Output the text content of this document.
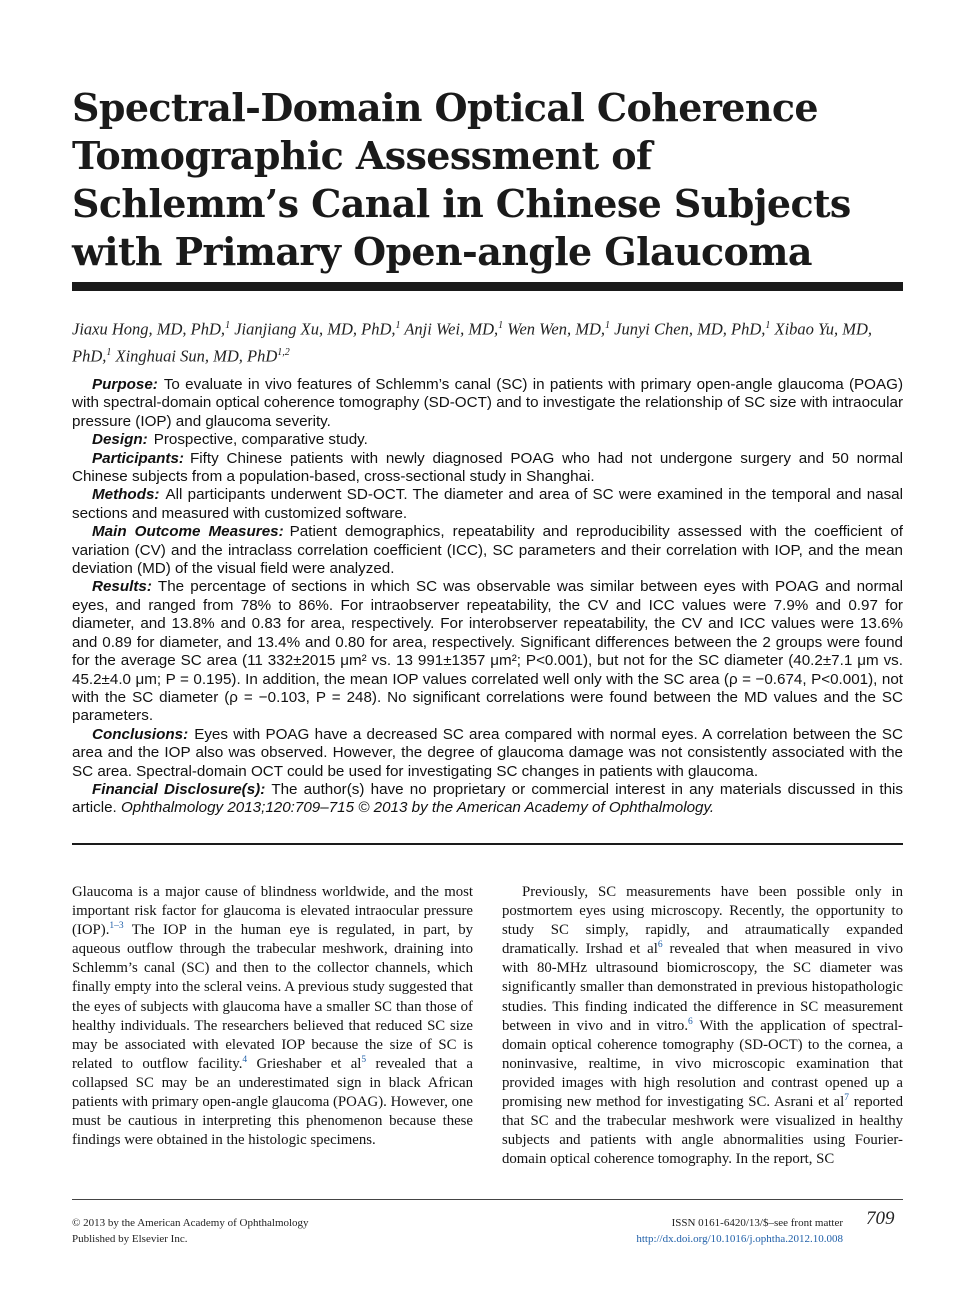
Spectral-Domain Optical Coherence Tomographic Assessment of Schlemm’s Canal in Chinese Subjects with Primary Open-angle Glaucoma

Jiaxu Hong, MD, PhD,$^1$ Jianjiang Xu, MD, PhD,$^1$ Anji Wei, MD,$^1$ Wen Wen, MD,$^1$ Junyi Chen, MD, PhD,$^1$ Xibao Yu, MD, PhD,$^1$ Xinghuai Sun, MD, PhD$^{1,2}$

Purpose: To evaluate in vivo features of Schlemm’s canal (SC) in patients with primary open-angle glaucoma (POAG) with spectral-domain optical coherence tomography (SD-OCT) and to investigate the relationship of SC size with intraocular pressure (IOP) and glaucoma severity.

Design: Prospective, comparative study.

Participants: Fifty Chinese patients with newly diagnosed POAG who had not undergone surgery and 50 normal Chinese subjects from a population-based, cross-sectional study in Shanghai.

Methods: All participants underwent SD-OCT. The diameter and area of SC were examined in the temporal and nasal sections and measured with customized software.

Main Outcome Measures: Patient demographics, repeatability and reproducibility assessed with the coefficient of variation (CV) and the intraclass correlation coefficient (ICC), SC parameters and their correlation with IOP, and the mean deviation (MD) of the visual field were analyzed.

Results: The percentage of sections in which SC was observable was similar between eyes with POAG and normal eyes, and ranged from 78% to 86%. For intraobserver repeatability, the CV and ICC values were 7.9% and 0.97 for diameter, and 13.8% and 0.83 for area, respectively. For interobserver repeatability, the CV and ICC values were 13.6% and 0.89 for diameter, and 13.4% and 0.80 for area, respectively. Significant differences between the 2 groups were found for the average SC area (11 332±2015 μm² vs. 13 991±1357 μm²; P<0.001), but not for the SC diameter (40.2±7.1 μm vs. 45.2±4.0 μm; P = 0.195). In addition, the mean IOP values correlated well only with the SC area (ρ = −0.674, P<0.001), not with the SC diameter (ρ = −0.103, P = 248). No significant correlations were found between the MD values and the SC parameters.

Conclusions: Eyes with POAG have a decreased SC area compared with normal eyes. A correlation between the SC area and the IOP also was observed. However, the degree of glaucoma damage was not consistently associated with the SC area. Spectral-domain OCT could be used for investigating SC changes in patients with glaucoma.

Financial Disclosure(s): The author(s) have no proprietary or commercial interest in any materials discussed in this article. Ophthalmology 2013;120:709–715 © 2013 by the American Academy of Ophthalmology.

Glaucoma is a major cause of blindness worldwide, and the most important risk factor for glaucoma is elevated intraocular pressure (IOP).$^{1-3}$ The IOP in the human eye is regulated, in part, by aqueous outflow through the trabecular meshwork, draining into Schlemm’s canal (SC) and then to the collector channels, which finally empty into the scleral veins. A previous study suggested that the eyes of subjects with glaucoma have a smaller SC than those of healthy individuals. The researchers believed that reduced SC size may be associated with elevated IOP because the size of SC is related to outflow facility.$^4$ Grieshaber et al$^5$ revealed that a collapsed SC may be an underestimated sign in black African patients with primary open-angle glaucoma (POAG). However, one must be cautious in interpreting this phenomenon because these findings were obtained in the histologic specimens.

Previously, SC measurements have been possible only in postmortem eyes using microscopy. Recently, the opportunity to study SC simply, rapidly, and atraumatically expanded dramatically. Irshad et al$^6$ revealed that when measured in vivo with 80-MHz ultrasound biomicroscopy, the SC diameter was significantly smaller than demonstrated in previous histopathologic studies. This finding indicated the difference in SC measurement between in vivo and in vitro.$^6$ With the application of spectral-domain optical coherence tomography (SD-OCT) to the cornea, a noninvasive, realtime, in vivo microscopic examination that provided images with high resolution and contrast opened up a promising new method for investigating SC. Asrani et al$^7$ reported that SC and the trabecular meshwork were visualized in healthy subjects and patients with angle abnormalities using Fourier-domain optical coherence tomography. In the report, SC

© 2013 by the American Academy of Ophthalmology
Published by Elsevier Inc.
ISSN 0161-6420/13/$–see front matter
http://dx.doi.org/10.1016/j.ophtha.2012.10.008
709
